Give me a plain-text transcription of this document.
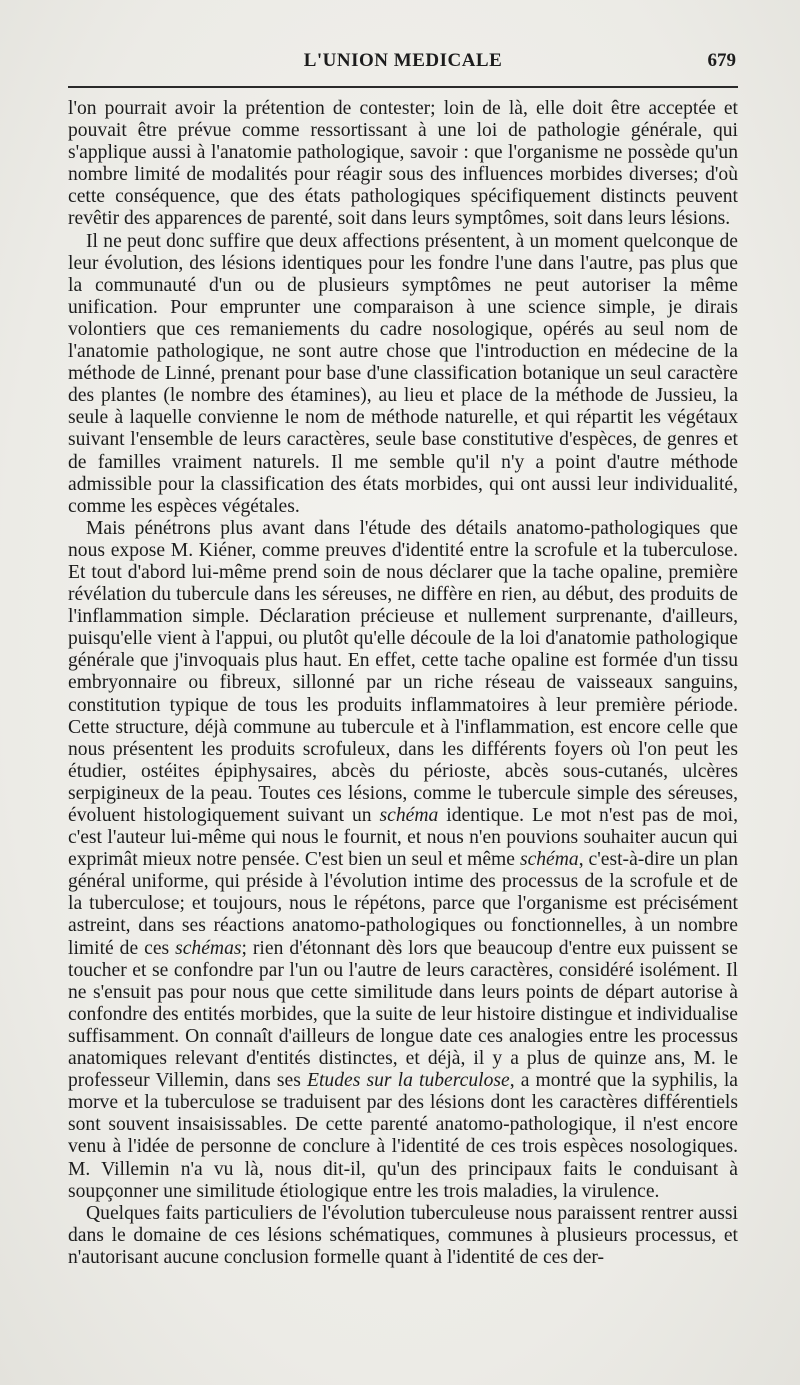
L'UNION MEDICALE	679

l'on pourrait avoir la prétention de contester; loin de là, elle doit être acceptée et pouvait être prévue comme ressortissant à une loi de pathologie générale, qui s'applique aussi à l'anatomie pathologique, savoir : que l'organisme ne possède qu'un nombre limité de modalités pour réagir sous des influences morbides diverses; d'où cette conséquence, que des états pathologiques spécifiquement distincts peuvent revêtir des apparences de parenté, soit dans leurs symptômes, soit dans leurs lésions.

Il ne peut donc suffire que deux affections présentent, à un moment quelconque de leur évolution, des lésions identiques pour les fondre l'une dans l'autre, pas plus que la communauté d'un ou de plusieurs symptômes ne peut autoriser la même unification. Pour emprunter une comparaison à une science simple, je dirais volontiers que ces remaniements du cadre nosologique, opérés au seul nom de l'anatomie pathologique, ne sont autre chose que l'introduction en médecine de la méthode de Linné, prenant pour base d'une classification botanique un seul caractère des plantes (le nombre des étamines), au lieu et place de la méthode de Jussieu, la seule à laquelle convienne le nom de méthode naturelle, et qui répartit les végétaux suivant l'ensemble de leurs caractères, seule base constitutive d'espèces, de genres et de familles vraiment naturels. Il me semble qu'il n'y a point d'autre méthode admissible pour la classification des états morbides, qui ont aussi leur individualité, comme les espèces végétales.

Mais pénétrons plus avant dans l'étude des détails anatomo-pathologiques que nous expose M. Kiéner, comme preuves d'identité entre la scrofule et la tuberculose. Et tout d'abord lui-même prend soin de nous déclarer que la tache opaline, première révélation du tubercule dans les séreuses, ne diffère en rien, au début, des produits de l'inflammation simple. Déclaration précieuse et nullement surprenante, d'ailleurs, puisqu'elle vient à l'appui, ou plutôt qu'elle découle de la loi d'anatomie pathologique générale que j'invoquais plus haut. En effet, cette tache opaline est formée d'un tissu embryonnaire ou fibreux, sillonné par un riche réseau de vaisseaux sanguins, constitution typique de tous les produits inflammatoires à leur première période. Cette structure, déjà commune au tubercule et à l'inflammation, est encore celle que nous présentent les produits scrofuleux, dans les différents foyers où l'on peut les étudier, ostéites épiphysaires, abcès du périoste, abcès sous-cutanés, ulcères serpigineux de la peau. Toutes ces lésions, comme le tubercule simple des séreuses, évoluent histologiquement suivant un schéma identique. Le mot n'est pas de moi, c'est l'auteur lui-même qui nous le fournit, et nous n'en pouvions souhaiter aucun qui exprimât mieux notre pensée. C'est bien un seul et même schéma, c'est-à-dire un plan général uniforme, qui préside à l'évolution intime des processus de la scrofule et de la tuberculose; et toujours, nous le répétons, parce que l'organisme est précisément astreint, dans ses réactions anatomo-pathologiques ou fonctionnelles, à un nombre limité de ces schémas; rien d'étonnant dès lors que beaucoup d'entre eux puissent se toucher et se confondre par l'un ou l'autre de leurs caractères, considéré isolément. Il ne s'ensuit pas pour nous que cette similitude dans leurs points de départ autorise à confondre des entités morbides, que la suite de leur histoire distingue et individualise suffisamment. On connaît d'ailleurs de longue date ces analogies entre les processus anatomiques relevant d'entités distinctes, et déjà, il y a plus de quinze ans, M. le professeur Villemin, dans ses Etudes sur la tuberculose, a montré que la syphilis, la morve et la tuberculose se traduisent par des lésions dont les caractères différentiels sont souvent insaisissables. De cette parenté anatomo-pathologique, il n'est encore venu à l'idée de personne de conclure à l'identité de ces trois espèces nosologiques. M. Villemin n'a vu là, nous dit-il, qu'un des principaux faits le conduisant à soupçonner une similitude étiologique entre les trois maladies, la virulence.

Quelques faits particuliers de l'évolution tuberculeuse nous paraissent rentrer aussi dans le domaine de ces lésions schématiques, communes à plusieurs processus, et n'autorisant aucune conclusion formelle quant à l'identité de ces der-
